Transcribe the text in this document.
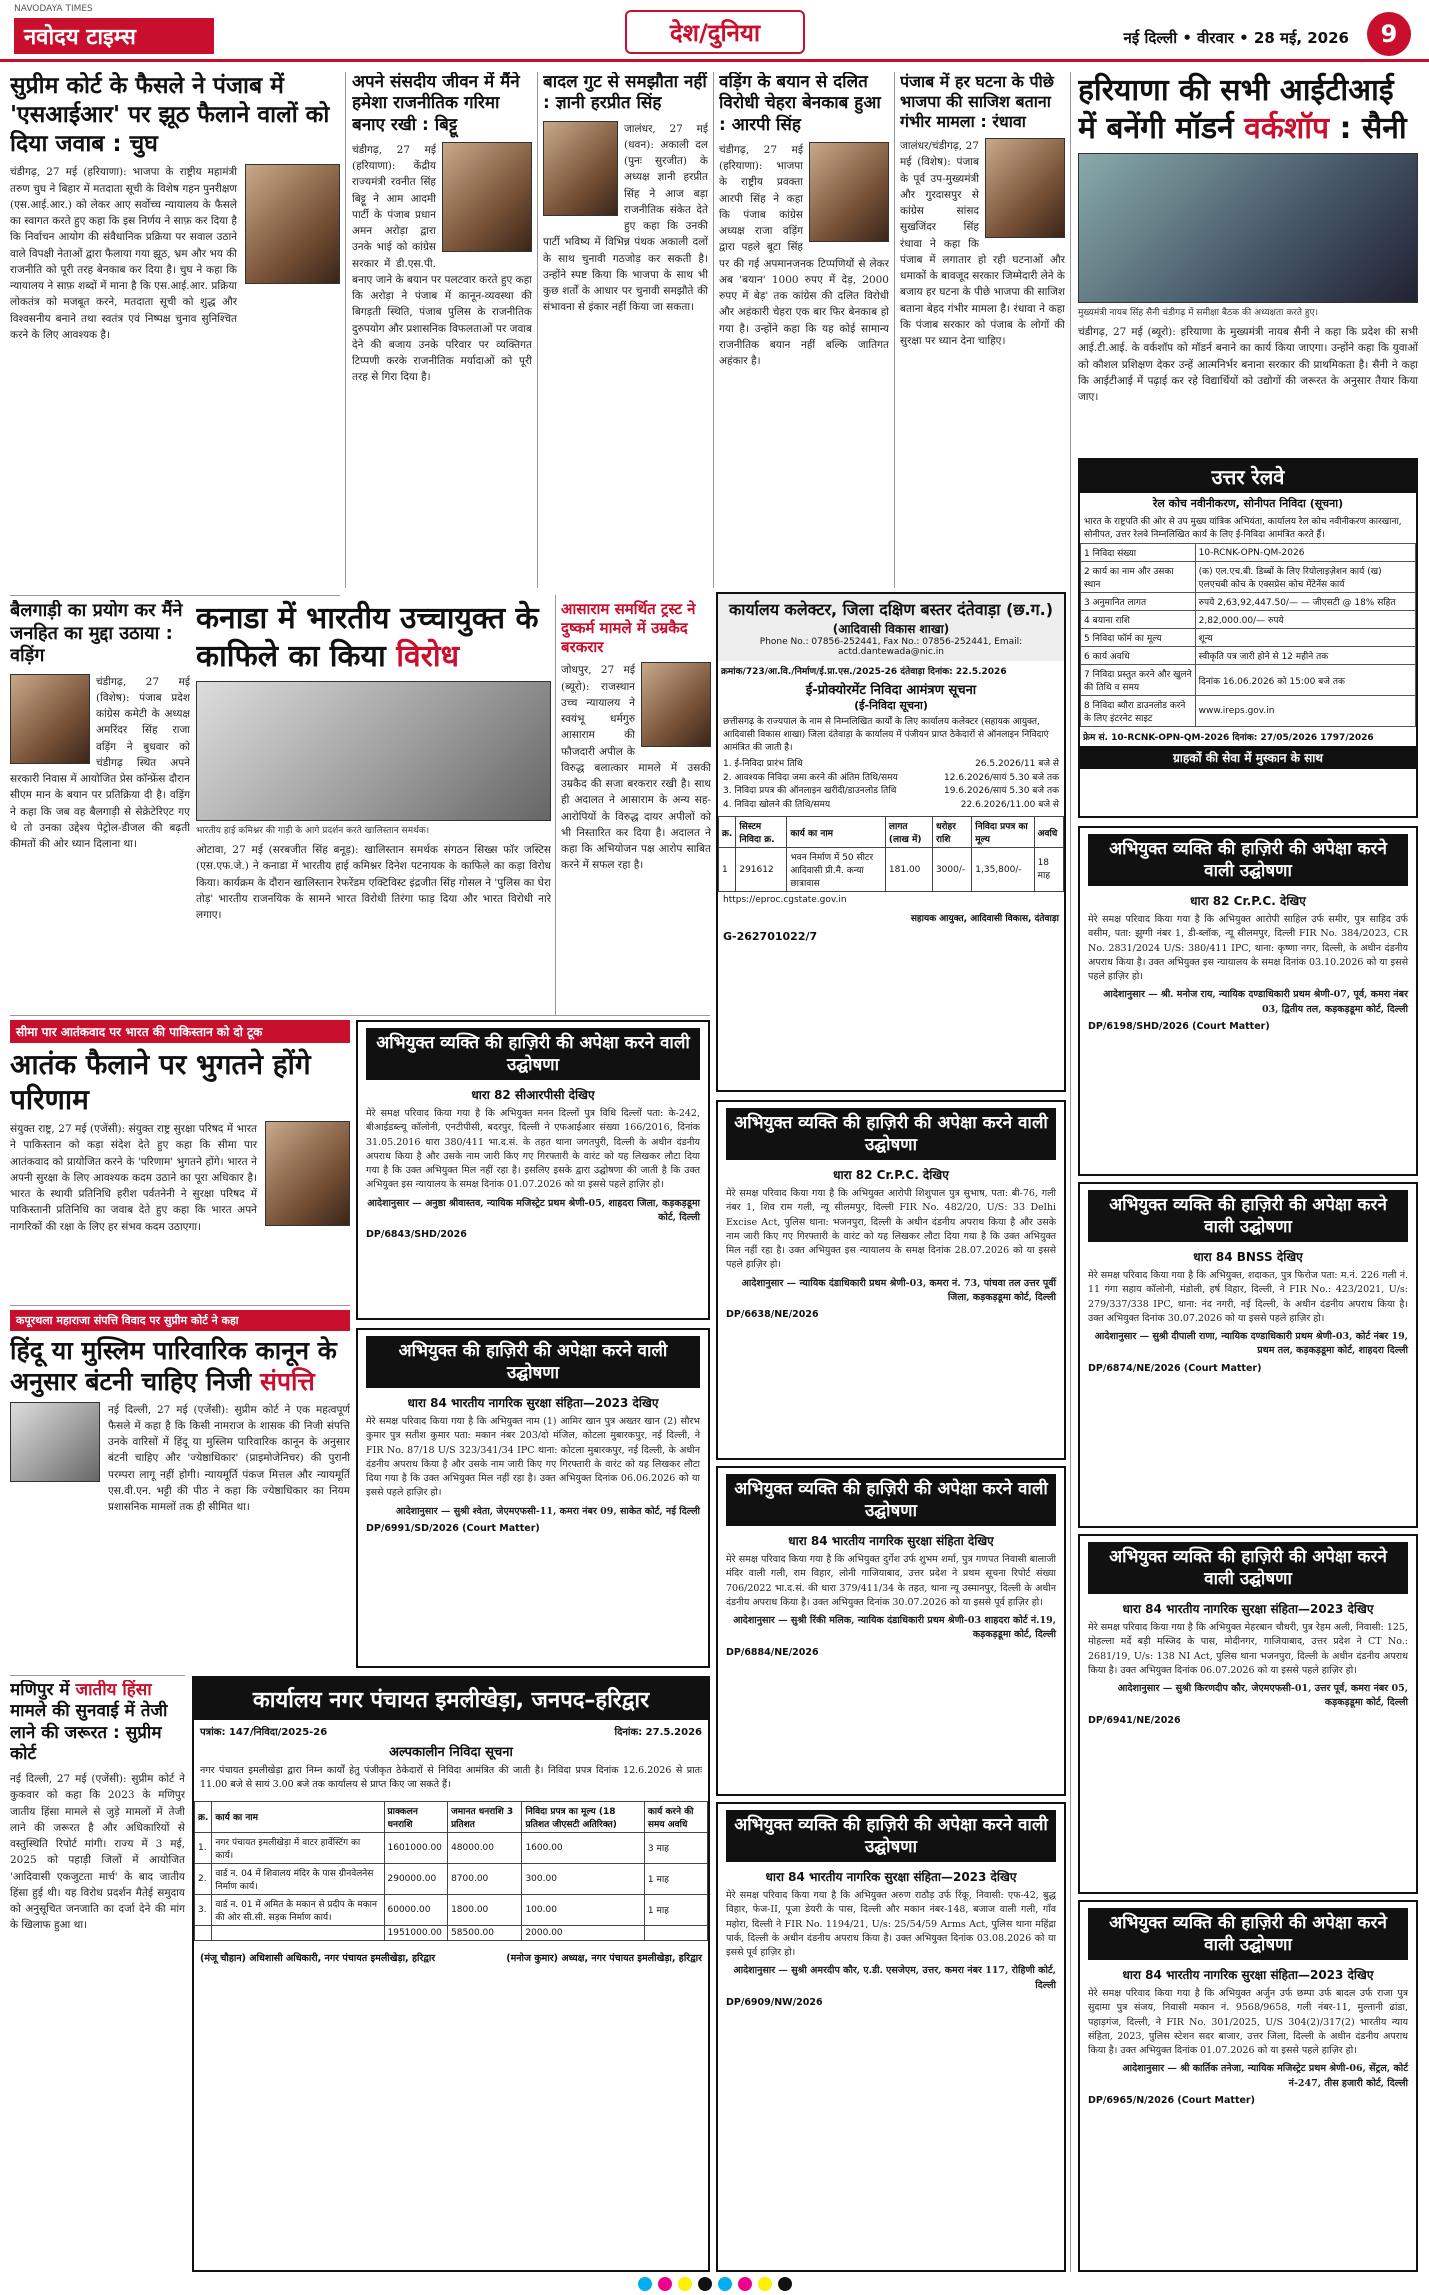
NAVODAYA TIMES
नवोदय टाइम्स	देश/दुनिया	नई दिल्ली • वीरवार • 28 मई, 2026	9
सुप्रीम कोर्ट के फैसले ने पंजाब में 'एसआईआर' पर झूठ फैलाने वालों को दिया जवाब : चुघ
चंडीगढ़, 27 मई (हरियाणा): भाजपा के राष्ट्रीय महामंत्री तरुण चुघ ने बिहार में मतदाता सूची के विशेष गहन पुनरीक्षण (एस.आई.आर.) को लेकर आए सर्वोच्च न्यायालय के फैसले का स्वागत करते हुए कहा कि इस निर्णय ने साफ़ कर दिया है कि निर्वाचन आयोग की संवैधानिक प्रक्रिया पर सवाल उठाने वाले विपक्षी नेताओं द्वारा फैलाया गया झूठ, भ्रम और भय की राजनीति को पूरी तरह बेनकाब कर दिया है। चुघ ने कहा कि न्यायालय ने साफ़ शब्दों में माना है कि एस.आई.आर. प्रक्रिया लोकतंत्र को मजबूत करने, मतदाता सूची को शुद्ध और विश्वसनीय बनाने तथा स्वतंत्र एवं निष्पक्ष चुनाव सुनिश्चित करने के लिए आवश्यक है।
अपने संसदीय जीवन में मैंने हमेशा राजनीतिक गरिमा बनाए रखी : बिट्टू
चंडीगढ़, 27 मई (हरियाणा): केंद्रीय राज्यमंत्री रवनीत सिंह बिट्टू ने आम आदमी पार्टी के पंजाब प्रधान अमन अरोड़ा द्वारा उनके भाई को कांग्रेस सरकार में डी.एस.पी. बनाए जाने के बयान पर पलटवार करते हुए कहा कि अरोड़ा ने पंजाब में कानून-व्यवस्था की बिगड़ती स्थिति, पंजाब पुलिस के राजनीतिक दुरुपयोग और प्रशासनिक विफलताओं पर जवाब देने की बजाय उनके परिवार पर व्यक्तिगत टिप्पणी करके राजनीतिक मर्यादाओं को पूरी तरह से गिरा दिया है।
बादल गुट से समझौता नहीं : ज्ञानी हरप्रीत सिंह
जालंधर, 27 मई (धवन): अकाली दल (पुनः सुरजीत) के अध्यक्ष ज्ञानी हरप्रीत सिंह ने आज बड़ा राजनीतिक संकेत देते हुए कहा कि उनकी पार्टी भविष्य में विभिन्न पंथक अकाली दलों के साथ चुनावी गठजोड़ कर सकती है। उन्होंने स्पष्ट किया कि भाजपा के साथ भी कुछ शर्तों के आधार पर चुनावी समझौते की संभावना से इंकार नहीं किया जा सकता।
वड़िंग के बयान से दलित विरोधी चेहरा बेनकाब हुआ : आरपी सिंह
चंडीगढ़, 27 मई (हरियाणा): भाजपा के राष्ट्रीय प्रवक्ता आरपी सिंह ने कहा कि पंजाब कांग्रेस अध्यक्ष राजा वड़िंग द्वारा पहले बूटा सिंह पर की गई अपमानजनक टिप्पणियों से लेकर अब 'बयान' 1000 रुपए में देड़, 2000 रुपए में बेड़' तक कांग्रेस की दलित विरोधी और अहंकारी चेहरा एक बार फिर बेनकाब हो गया है। उन्होंने कहा कि यह कोई सामान्य राजनीतिक बयान नहीं बल्कि जातिगत अहंकार है।
पंजाब में हर घटना के पीछे भाजपा की साजिश बताना गंभीर मामला : रंधावा
जालंधर/चंडीगढ़, 27 मई (विशेष): पंजाब के पूर्व उप-मुख्यमंत्री और गुरदासपुर से कांग्रेस सांसद सुखजिंदर सिंह रंधावा ने कहा कि पंजाब में लगातार हो रही घटनाओं और धमाकों के बावजूद सरकार जिम्मेदारी लेने के बजाय हर घटना के पीछे भाजपा की साजिश बताना बेहद गंभीर मामला है। रंधावा ने कहा कि पंजाब सरकार को पंजाब के लोगों की सुरक्षा पर ध्यान देना चाहिए।
हरियाणा की सभी आईटीआई में बनेंगी मॉडर्न वर्कशॉप : सैनी
मुख्यमंत्री नायब सिंह सैनी चंडीगढ़ में समीक्षा बैठक की अध्यक्षता करते हुए।
चंडीगढ़, 27 मई (ब्यूरो): हरियाणा के मुख्यमंत्री नायब सैनी ने कहा कि प्रदेश की सभी आई.टी.आई. के वर्कशॉप को मॉडर्न बनाने का कार्य किया जाएगा। उन्होंने कहा कि युवाओं को कौशल प्रशिक्षण देकर उन्हें आत्मनिर्भर बनाना सरकार की प्राथमिकता है। सैनी ने कहा कि आईटीआई में पढ़ाई कर रहे विद्यार्थियों को उद्योगों की जरूरत के अनुसार तैयार किया जाए।
उत्तर रेलवे
रेल कोच नवीनीकरण, सोनीपत निविदा (सूचना)
भारत के राष्ट्रपति की ओर से उप मुख्य यांत्रिक अभियंता, कार्यालय रेल कोच नवीनीकरण कारखाना, सोनीपत, उत्तर रेलवे निम्नलिखित कार्य के लिए ई-निविदा आमंत्रित करते हैं।
1 निविदा संख्या	10-RCNK-OPN-QM-2026
2 कार्य का नाम और उसका स्थान	(क) एल.एच.बी. डिब्बों के लिए रियोलाइज़ेशन कार्य (ख) एलएचबी कोच के एक्सप्रेस कोच मेंटेनेंस कार्य
3 अनुमानित लागत	रुपये 2,63,92,447.50/— — जीएसटी @ 18% सहित
4 बयाना राशि	2,82,000.00/— रुपये
5 निविदा फॉर्म का मूल्य	शून्य
6 कार्य अवधि	स्वीकृति पत्र जारी होने से 12 महीने तक
7 निविदा प्रस्तुत करने और खुलने की तिथि व समय	दिनांक 16.06.2026 को 15:00 बजे तक
8 निविदा ब्यौरा डाउनलोड करने के लिए इंटरनेट साइट	www.ireps.gov.in
फ्रेम सं. 10-RCNK-OPN-QM-2026 दिनांक: 27/05/2026 1797/2026
ग्राहकों की सेवा में मुस्कान के साथ
बैलगाड़ी का प्रयोग कर मैंने जनहित का मुद्दा उठाया : वड़िंग
चंडीगढ़, 27 मई (विशेष): पंजाब प्रदेश कांग्रेस कमेटी के अध्यक्ष अमरिंदर सिंह राजा वड़िंग ने बुधवार को चंडीगढ़ स्थित अपने सरकारी निवास में आयोजित प्रेस कॉन्फ्रेंस दौरान सीएम मान के बयान पर प्रतिक्रिया दी है। वड़िंग ने कहा कि जब वह बैलगाड़ी से सेक्रेटेरिएट गए थे तो उनका उद्देश्य पेट्रोल-डीजल की बढ़ती कीमतों की ओर ध्यान दिलाना था।
कनाडा में भारतीय उच्चायुक्त के काफिले का किया विरोध
भारतीय हाई कमिश्नर की गाड़ी के आगे प्रदर्शन करते खालिस्तान समर्थक।
ओटावा, 27 मई (सरबजीत सिंह बनूड़): खालिस्तान समर्थक संगठन सिख्स फॉर जस्टिस (एस.एफ.जे.) ने कनाडा में भारतीय हाई कमिश्नर दिनेश पटनायक के काफिले का कड़ा विरोध किया। कार्यक्रम के दौरान खालिस्तान रेफरेंडम एक्टिविस्ट इंद्रजीत सिंह गोसल ने 'पुलिस का घेरा तोड़' भारतीय राजनयिक के सामने भारत विरोधी तिरंगा फाड़ दिया और भारत विरोधी नारे लगाए।
आसाराम समर्थित ट्रस्ट ने दुष्कर्म मामले में उम्रकैद बरकरार
जोधपुर, 27 मई (ब्यूरो): राजस्थान उच्च न्यायालय ने स्वयंभू धर्मगुरु आसाराम की फौजदारी अपील के विरुद्ध बलात्कार मामले में उसकी उम्रकैद की सजा बरकरार रखी है। साथ ही अदालत ने आसाराम के अन्य सह-आरोपियों के विरुद्ध दायर अपीलों को भी निस्तारित कर दिया है। अदालत ने कहा कि अभियोजन पक्ष आरोप साबित करने में सफल रहा है।
कार्यालय कलेक्टर, जिला दक्षिण बस्तर दंतेवाड़ा (छ.ग.)
(आदिवासी विकास शाखा)
Phone No.: 07856-252441, Fax No.: 07856-252441, Email: actd.dantewada@nic.in
क्रमांक/723/आ.वि./निर्माण/ई.प्रा.एस./2025-26 दंतेवाड़ा दिनांक: 22.5.2026
ई-प्रोक्योरमेंट निविदा आमंत्रण सूचना
(ई-निविदा सूचना)
छत्तीसगढ़ के राज्यपाल के नाम से निम्नलिखित कार्यों के लिए कार्यालय कलेक्टर (सहायक आयुक्त, आदिवासी विकास शाखा) जिला दंतेवाड़ा के कार्यालय में पंजीयन प्राप्त ठेकेदारों से ऑनलाइन निविदाएं आमंत्रित की जाती है।
1. ई-निविदा प्रारंभ तिथि	26.5.2026/11 बजे से
2. आवश्यक निविदा जमा करने की अंतिम तिथि/समय	12.6.2026/सायं 5.30 बजे तक
3. निविदा प्रपत्र की ऑनलाइन खरीदी/डाउनलोड तिथि	19.6.2026/सायं 5.30 बजे तक
4. निविदा खोलने की तिथि/समय	22.6.2026/11.00 बजे से
क्र.	सिस्टम निविदा क्र.	कार्य का नाम	लागत (लाख में)	धरोहर राशि	निविदा प्रपत्र का मूल्य	अवधि
1	291612	भवन निर्माण में 50 सीटर आदिवासी प्री.मै. कन्या छात्रावास	181.00	3000/-	1,35,800/-	18 माह
https://eproc.cgstate.gov.in
सहायक आयुक्त, आदिवासी विकास, दंतेवाड़ा
G-262701022/7
सीमा पार आतंकवाद पर भारत की पाकिस्तान को दो टूक
आतंक फैलाने पर भुगतने होंगे परिणाम
संयुक्त राष्ट्र, 27 मई (एजेंसी): संयुक्त राष्ट्र सुरक्षा परिषद में भारत ने पाकिस्तान को कड़ा संदेश देते हुए कहा कि सीमा पार आतंकवाद को प्रायोजित करने के 'परिणाम' भुगतने होंगे। भारत ने अपनी सुरक्षा के लिए आवश्यक कदम उठाने का पूरा अधिकार है। भारत के स्थायी प्रतिनिधि हरीश पर्वतनेनी ने सुरक्षा परिषद में पाकिस्तानी प्रतिनिधि का जवाब देते हुए कहा कि भारत अपने नागरिकों की रक्षा के लिए हर संभव कदम उठाएगा।
अभियुक्त व्यक्ति की हाज़िरी की अपेक्षा करने वाली उद्घोषणा
धारा 82 सीआरपीसी देखिए
मेरे समक्ष परिवाद किया गया है कि अभियुक्त मनन दिल्लों पुत्र विधि दिल्लों पता: के-242, बीआईडब्ल्यू कॉलोनी, एनटीपीसी, बदरपुर, दिल्ली ने एफआईआर संख्या 166/2016, दिनांक 31.05.2016 धारा 380/411 भा.द.सं. के तहत थाना जगतपुरी, दिल्ली के अधीन दंडनीय अपराध किया है और उसके नाम जारी किए गए गिरफ्तारी के वारंट को यह लिखकर लौटा दिया गया है कि उक्त अभियुक्त मिल नहीं रहा है। इसलिए इसके द्वारा उद्घोषणा की जाती है कि उक्त अभियुक्त इस न्यायालय के समक्ष दिनांक 01.07.2026 को या इससे पहले हाज़िर हो।
आदेशानुसार — अनुष्ठा श्रीवास्तव, न्यायिक मजिस्ट्रेट प्रथम श्रेणी-05, शाहदरा जिला, कड़कड़डूमा कोर्ट, दिल्ली
DP/6843/SHD/2026
कपूरथला महाराजा संपत्ति विवाद पर सुप्रीम कोर्ट ने कहा
हिंदू या मुस्लिम पारिवारिक कानून के अनुसार बंटनी चाहिए निजी संपत्ति
नई दिल्ली, 27 मई (एजेंसी): सुप्रीम कोर्ट ने एक महत्वपूर्ण फैसले में कहा है कि किसी नामराज के शासक की निजी संपत्ति उनके वारिसों में हिंदू या मुस्लिम पारिवारिक कानून के अनुसार बंटनी चाहिए और 'ज्येष्ठाधिकार' (प्राइमोजेनिचर) की पुरानी परम्परा लागू नहीं होगी। न्यायमूर्ति पंकज मित्तल और न्यायमूर्ति एस.वी.एन. भट्टी की पीठ ने कहा कि ज्येष्ठाधिकार का नियम प्रशासनिक मामलों तक ही सीमित था।
मणिपुर में जातीय हिंसा मामले की सुनवाई में तेजी लाने की जरूरत : सुप्रीम कोर्ट
नई दिल्ली, 27 मई (एजेंसी): सुप्रीम कोर्ट ने कुकवार को कहा कि 2023 के मणिपुर जातीय हिंसा मामले से जुड़े मामलों में तेजी लाने की जरूरत है और अधिकारियों से वस्तुस्थिति रिपोर्ट मांगी। राज्य में 3 मई, 2025 को पहाड़ी जिलों में आयोजित 'आदिवासी एकजुटता मार्च' के बाद जातीय हिंसा हुई थी। यह विरोध प्रदर्शन मैतेई समुदाय को अनुसूचित जनजाति का दर्जा देने की मांग के खिलाफ हुआ था।
अभियुक्त की हाज़िरी की अपेक्षा करने वाली उद्घोषणा
धारा 84 भारतीय नागरिक सुरक्षा संहिता—2023 देखिए
मेरे समक्ष परिवाद किया गया है कि अभियुक्त नाम (1) आमिर खान पुत्र अख्तर खान (2) सौरभ कुमार पुत्र सतीश कुमार पता: मकान नंबर 203/दो मंजिल, कोटला मुबारकपुर, नई दिल्ली, ने FIR No. 87/18 U/S 323/341/34 IPC थाना: कोटला मुबारकपुर, नई दिल्ली, के अधीन दंडनीय अपराध किया है और उसके नाम जारी किए गए गिरफ्तारी के वारंट को यह लिखकर लौटा दिया गया है कि उक्त अभियुक्त मिल नहीं रहा है। उक्त अभियुक्त दिनांक 06.06.2026 को या इससे पहले हाज़िर हो।
आदेशानुसार — सुश्री श्वेता, जेएमएफसी-11, कमरा नंबर 09, साकेत कोर्ट, नई दिल्ली
DP/6991/SD/2026 (Court Matter)
अभियुक्त व्यक्ति की हाज़िरी की अपेक्षा करने वाली उद्घोषणा
धारा 82 Cr.P.C. देखिए
मेरे समक्ष परिवाद किया गया है कि अभियुक्त आरोपी शिशुपाल पुत्र सुभाष, पता: बी-76, गली नंबर 1, शिव राम गली, न्यू सीलमपुर, दिल्ली FIR No. 482/20, U/S: 33 Delhi Excise Act, पुलिस थाना: भजनपुरा, दिल्ली के अधीन दंडनीय अपराध किया है और उसके नाम जारी किए गए गिरफ्तारी के वारंट को यह लिखकर लौटा दिया गया है कि उक्त अभियुक्त मिल नहीं रहा है। उक्त अभियुक्त इस न्यायालय के समक्ष दिनांक 28.07.2026 को या इससे पहले हाज़िर हो।
आदेशानुसार — न्यायिक दंडाधिकारी प्रथम श्रेणी-03, कमरा नं. 73, पांचवा तल उत्तर पूर्वी जिला, कड़कड़डूमा कोर्ट, दिल्ली
DP/6638/NE/2026
अभियुक्त व्यक्ति की हाज़िरी की अपेक्षा करने वाली उद्घोषणा
धारा 84 भारतीय नागरिक सुरक्षा संहिता देखिए
मेरे समक्ष परिवाद किया गया है कि अभियुक्त दुर्गेश उर्फ शुभम शर्मा, पुत्र गणपत निवासी बालाजी मंदिर वाली गली, राम विहार, लोनी गाजियाबाद, उत्तर प्रदेश ने प्रथम सूचना रिपोर्ट संख्या 706/2022 भा.द.सं. की धारा 379/411/34 के तहत, थाना न्यू उस्मानपुर, दिल्ली के अधीन दंडनीय अपराध किया है। उक्त अभियुक्त दिनांक 30.07.2026 को या इससे पूर्व हाज़िर हो।
आदेशानुसार — सुश्री रिंकी मलिक, न्यायिक दंडाधिकारी प्रथम श्रेणी-03 शाहदरा कोर्ट नं.19, कड़कड़डूमा कोर्ट, दिल्ली
DP/6884/NE/2026
अभियुक्त व्यक्ति की हाज़िरी की अपेक्षा करने वाली उद्घोषणा
धारा 84 भारतीय नागरिक सुरक्षा संहिता—2023 देखिए
मेरे समक्ष परिवाद किया गया है कि अभियुक्त अरुण राठौड़ उर्फ रिंकू, निवासी: एफ-42, बुद्ध विहार, फेज-II, पूजा डेयरी के पास, दिल्ली और मकान नंबर-148, बजाज वाली गली, गाँव महोरा, दिल्ली ने FIR No. 1194/21, U/s: 25/54/59 Arms Act, पुलिस थाना महिंद्रा पार्क, दिल्ली के अधीन दंडनीय अपराध किया है। उक्त अभियुक्त दिनांक 03.08.2026 को या इससे पूर्व हाज़िर हो।
आदेशानुसार — सुश्री अमरदीप कौर, ए.डी. एसजेएम, उत्तर, कमरा नंबर 117, रोहिणी कोर्ट, दिल्ली
DP/6909/NW/2026
कार्यालय नगर पंचायत इमलीखेड़ा, जनपद–हरिद्वार
पत्रांक: 147/निविदा/2025-26	दिनांक: 27.5.2026
अल्पकालीन निविदा सूचना
नगर पंचायत इमलीखेड़ा द्वारा निम्न कार्यों हेतु पंजीकृत ठेकेदारों से निविदा आमंत्रित की जाती है। निविदा प्रपत्र दिनांक 12.6.2026 से प्रातः 11.00 बजे से सायं 3.00 बजे तक कार्यालय से प्राप्त किए जा सकते हैं।
क्र.	कार्य का नाम	प्राक्कलन धनराशि	जमानत धनराशि 3 प्रतिशत	निविदा प्रपत्र का मूल्य (18 प्रतिशत जीएसटी अतिरिक्त)	कार्य करने की समय अवधि
1.	नगर पंचायत इमलीखेड़ा में वाटर हार्वेस्टिंग का कार्य।	1601000.00	48000.00	1600.00	3 माह
2.	वार्ड न. 04 में शिवालय मंदिर के पास ग्रीनवेलनेस निर्माण कार्य।	290000.00	8700.00	300.00	1 माह
3.	वार्ड न. 01 में अमित के मकान से प्रदीप के मकान की ओर सी.सी. सड़क निर्माण कार्य।	60000.00	1800.00	100.00	1 माह
		1951000.00	58500.00	2000.00	
(मंजू चौहान) अधिशासी अधिकारी, नगर पंचायत इमलीखेड़ा, हरिद्वार	(मनोज कुमार) अध्यक्ष, नगर पंचायत इमलीखेड़ा, हरिद्वार
अभियुक्त व्यक्ति की हाज़िरी की अपेक्षा करने वाली उद्घोषणा
धारा 82 Cr.P.C. देखिए
मेरे समक्ष परिवाद किया गया है कि अभियुक्त आरोपी साहिल उर्फ समीर, पुत्र साहिद उर्फ वसीम, पता: झुग्गी नंबर 1, डी-ब्लॉक, न्यू सीलमपुर, दिल्ली FIR No. 384/2023, CR No. 2831/2024 U/S: 380/411 IPC, थाना: कृष्णा नगर, दिल्ली, के अधीन दंडनीय अपराध किया है। उक्त अभियुक्त इस न्यायालय के समक्ष दिनांक 03.10.2026 को या इससे पहले हाज़िर हो।
आदेशानुसार — श्री. मनोज राय, न्यायिक दण्डाधिकारी प्रथम श्रेणी-07, पूर्व, कमरा नंबर 03, द्वितीय तल, कड़कड़डूमा कोर्ट, दिल्ली
DP/6198/SHD/2026 (Court Matter)
अभियुक्त व्यक्ति की हाज़िरी की अपेक्षा करने वाली उद्घोषणा
धारा 84 BNSS देखिए
मेरे समक्ष परिवाद किया गया है कि अभियुक्त, शदाकत, पुत्र फिरोज पता: म.नं. 226 गली नं. 11 गंगा सहाय कॉलोनी, मंडोली, हर्ष विहार, दिल्ली, ने FIR No.: 423/2021, U/s: 279/337/338 IPC, थाना: नंद नगरी, नई दिल्ली, के अधीन दंडनीय अपराध किया है। उक्त अभियुक्त दिनांक 30.07.2026 को या इससे पहले हाज़िर हो।
आदेशानुसार — सुश्री दीपाली राणा, न्यायिक दण्डाधिकारी प्रथम श्रेणी-03, कोर्ट नंबर 19, प्रथम तल, कड़कड़डूमा कोर्ट, शाहदरा दिल्ली
DP/6874/NE/2026 (Court Matter)
अभियुक्त व्यक्ति की हाज़िरी की अपेक्षा करने वाली उद्घोषणा
धारा 84 भारतीय नागरिक सुरक्षा संहिता—2023 देखिए
मेरे समक्ष परिवाद किया गया है कि अभियुक्त मेहरबान चौधरी, पुत्र रेहम अली, निवासी: 125, मोहल्ला मर्दे बड़ी मस्जिद के पास, मोदीनगर, गाजियाबाद, उत्तर प्रदेश ने CT No.: 2681/19, U/s: 138 NI Act, पुलिस थाना भजनपुरा, दिल्ली के अधीन दंडनीय अपराध किया है। उक्त अभियुक्त दिनांक 06.07.2026 को या इससे पहले हाज़िर हो।
आदेशानुसार — सुश्री किरणदीप कौर, जेएमएफसी-01, उत्तर पूर्व, कमरा नंबर 05, कड़कड़डूमा कोर्ट, दिल्ली
DP/6941/NE/2026
अभियुक्त व्यक्ति की हाज़िरी की अपेक्षा करने वाली उद्घोषणा
धारा 84 भारतीय नागरिक सुरक्षा संहिता—2023 देखिए
मेरे समक्ष परिवाद किया गया है कि अभियुक्त अर्जुन उर्फ छम्पा उर्फ बादल उर्फ राजा पुत्र सुदामा पुत्र संजय, निवासी मकान नं. 9568/9658, गली नंबर-11, मुल्तानी ढांडा, पहाड़गंज, दिल्ली, ने FIR No. 301/2025, U/S 304(2)/317(2) भारतीय न्याय संहिता, 2023, पुलिस स्टेशन सदर बाजार, उत्तर जिला, दिल्ली के अधीन दंडनीय अपराध किया है। उक्त अभियुक्त दिनांक 01.07.2026 को या इससे पहले हाज़िर हो।
आदेशानुसार — श्री कार्तिक तनेजा, न्यायिक मजिस्ट्रेट प्रथम श्रेणी-06, सेंट्रल, कोर्ट नं-247, तीस हजारी कोर्ट, दिल्ली
DP/6965/N/2026 (Court Matter)
